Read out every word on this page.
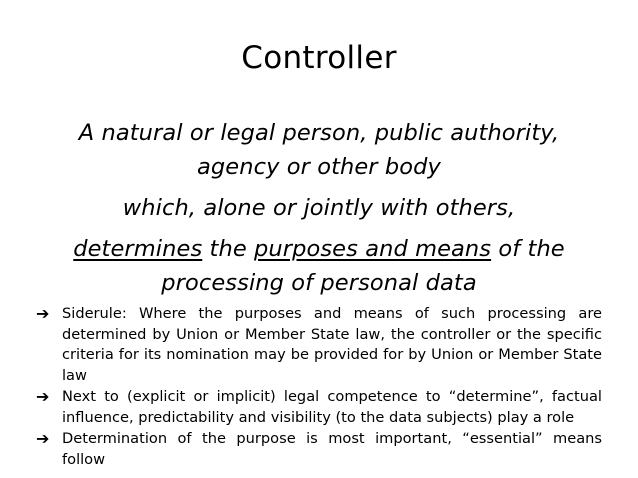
Controller
A natural or legal person, public authority,
agency or other body
which, alone or jointly with others,
determines the purposes and means of the processing of personal data
➔ Siderule: Where the purposes and means of such processing are determined by Union or Member State law, the controller or the specific criteria for its nomination may be provided for by Union or Member State law
➔ Next to (explicit or implicit) legal competence to “determine”, factual influence, predictability and visibility (to the data subjects) play a role
➔ Determination of the purpose is most important, “essential” means follow
